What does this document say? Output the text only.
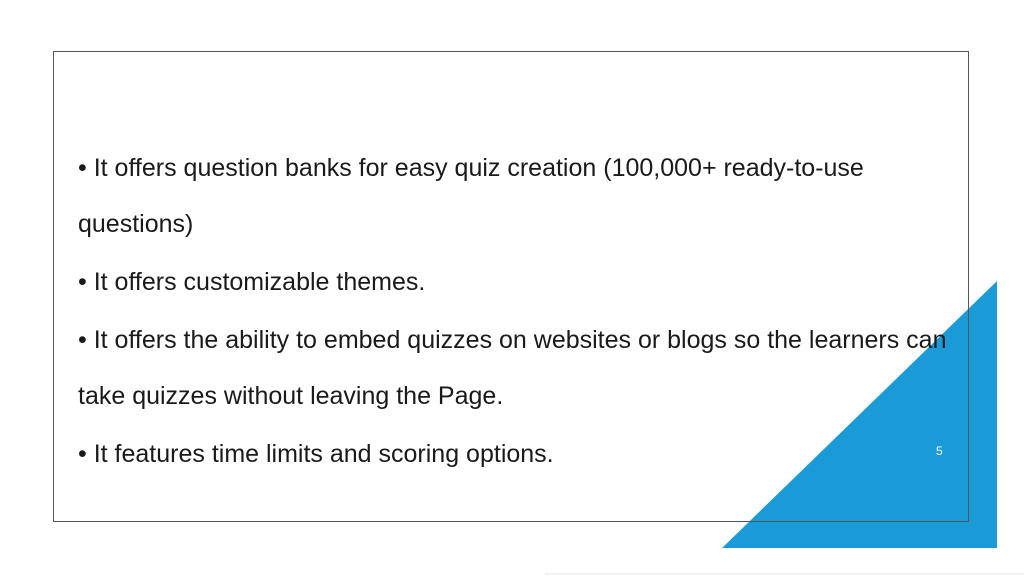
• It offers question banks for easy quiz creation (100,000+ ready-to-use questions)
• It offers customizable themes.
• It offers the ability to embed quizzes on websites or blogs so the learners can take quizzes without leaving the Page.
• It features time limits and scoring options.	5
